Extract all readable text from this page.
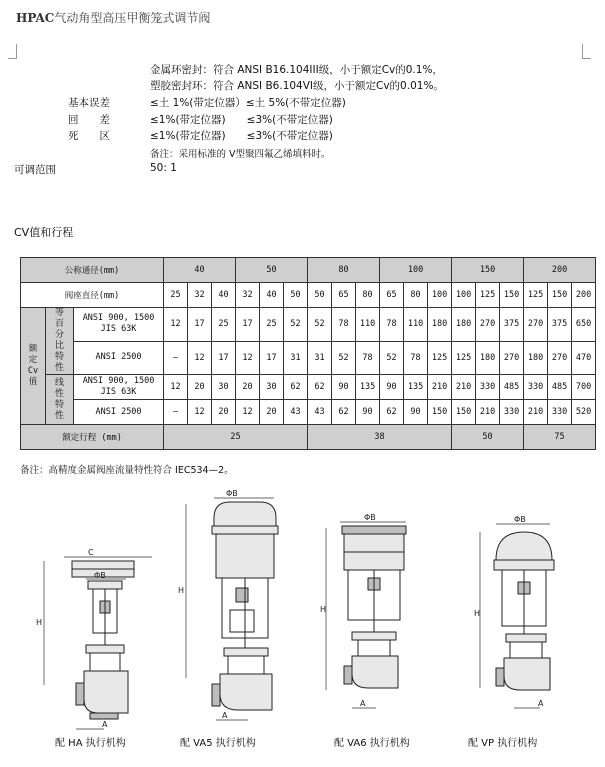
HPAC气动角型高压甲衡笼式调节阀
金属环密封：符合 ANSI B16.104III级，小于额定Cv的0.1%，
塑胶密封环：符合 ANSI B6.104VI级，小于额定Cv的0.01%。
基本误差	≤土 1%(带定位器）≤土 5%(不带定位器)
回　　差	≤1%(带定位器)　　≤3%(不带定位器)
死　　区	≤1%(带定位器)　　≤3%(不带定位器)
备注：采用标准的 V型聚四氟乙烯填料时。
可调范围	50: 1
CV值和行程
公称通径(mm)			40			50			80			100			150			200		
阀座直径(mm)			25	32	40	32	40	50	50	65	80	65	80	100	100	125	150	125	150	200
额定Cv值	等百分比特性	ANSI 900, 1500 JIS 63K	12	17	25	17	25	52	52	78	110	78	110	180	180	270	375	270	375	650
		ANSI 2500	–	12	17	12	17	31	31	52	78	52	78	125	125	180	270	180	270	470
	线性特性	ANSI 900, 1500 JIS 63K	12	20	30	20	30	62	62	90	135	90	135	210	210	330	485	330	485	700
		ANSI 2500	–	12	20	12	20	43	43	62	90	62	90	150	150	210	330	210	330	520
额定行程 (mm)			25						38						50			75		
备注：高精度金属阀座流量特性符合 IEC534—2。
C
ΦB
H
A
配 HA 执行机构
ΦB
H
A
配 VA5 执行机构
ΦB
H
A
配 VA6 执行机构
ΦB
H
A
配 VP 执行机构
